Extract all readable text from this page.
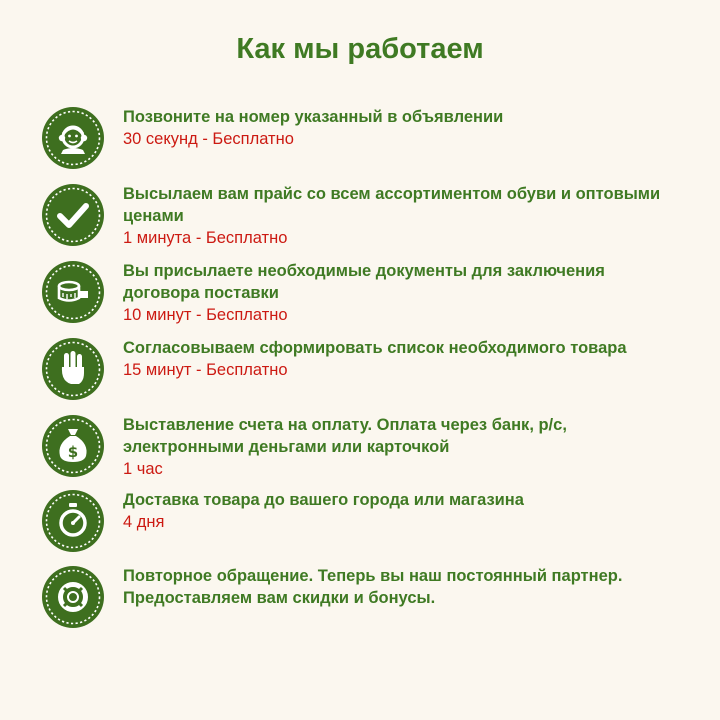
Как мы работаем
Позвоните на номер указанный в объявлении
30 секунд - Бесплатно
Высылаем вам прайс со всем ассортиментом обуви и оптовыми ценами
1 минута - Бесплатно
Вы присылаете необходимые документы для заключения договора поставки
10 минут - Бесплатно
Согласовываем сформировать список необходимого товара
15 минут - Бесплатно
$
Выставление счета на оплату. Оплата через банк, р/с, электронными деньгами или карточкой
1 час
Доставка товара до вашего города или магазина
4 дня
Повторное обращение. Теперь вы наш постоянный партнер. Предоставляем вам скидки и бонусы.
